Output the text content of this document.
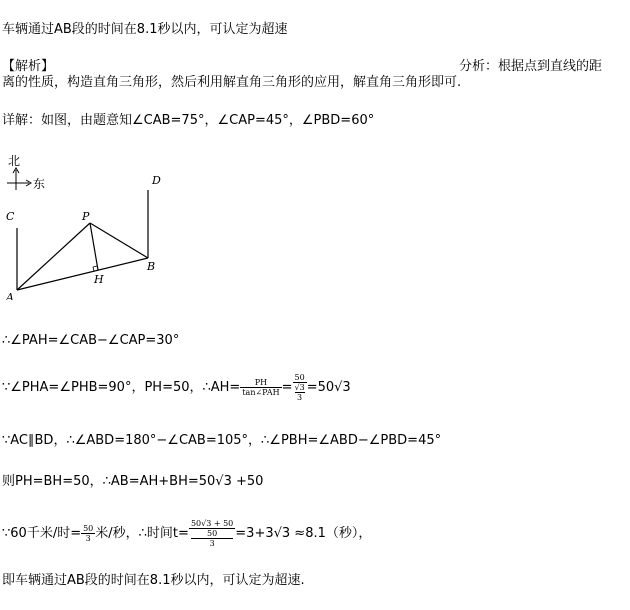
车辆通过AB段的时间在8.1秒以内，可认定为超速
【解析】	分析：根据点到直线的距
离的性质，构造直角三角形，然后利用解直角三角形的应用，解直角三角形即可.
详解：如图，由题意知∠CAB=75°，∠CAP=45°，∠PBD=60°
北
东
C
D
P
A
B
H
∴∠PAH=∠CAB−∠CAP=30°
∵∠PHA=∠PHB=90°，PH=50，∴AH= $\frac{PH}{\text{tan∠PAH}} = 50$
√3
3 =50√3
∵AC∥BD，∴∠ABD=180°−∠CAB=105°，∴∠PBH=∠ABD−∠PBD=45°
则PH=BH=50，∴AB=AH+BH=50√3 +50
∵60千米/时= $\frac{50}{3}$ 米/秒，∴时间t= 50√3 + 50
50
3 =3+3√3 ≈8.1（秒），
即车辆通过AB段的时间在8.1秒以内，可认定为超速.
